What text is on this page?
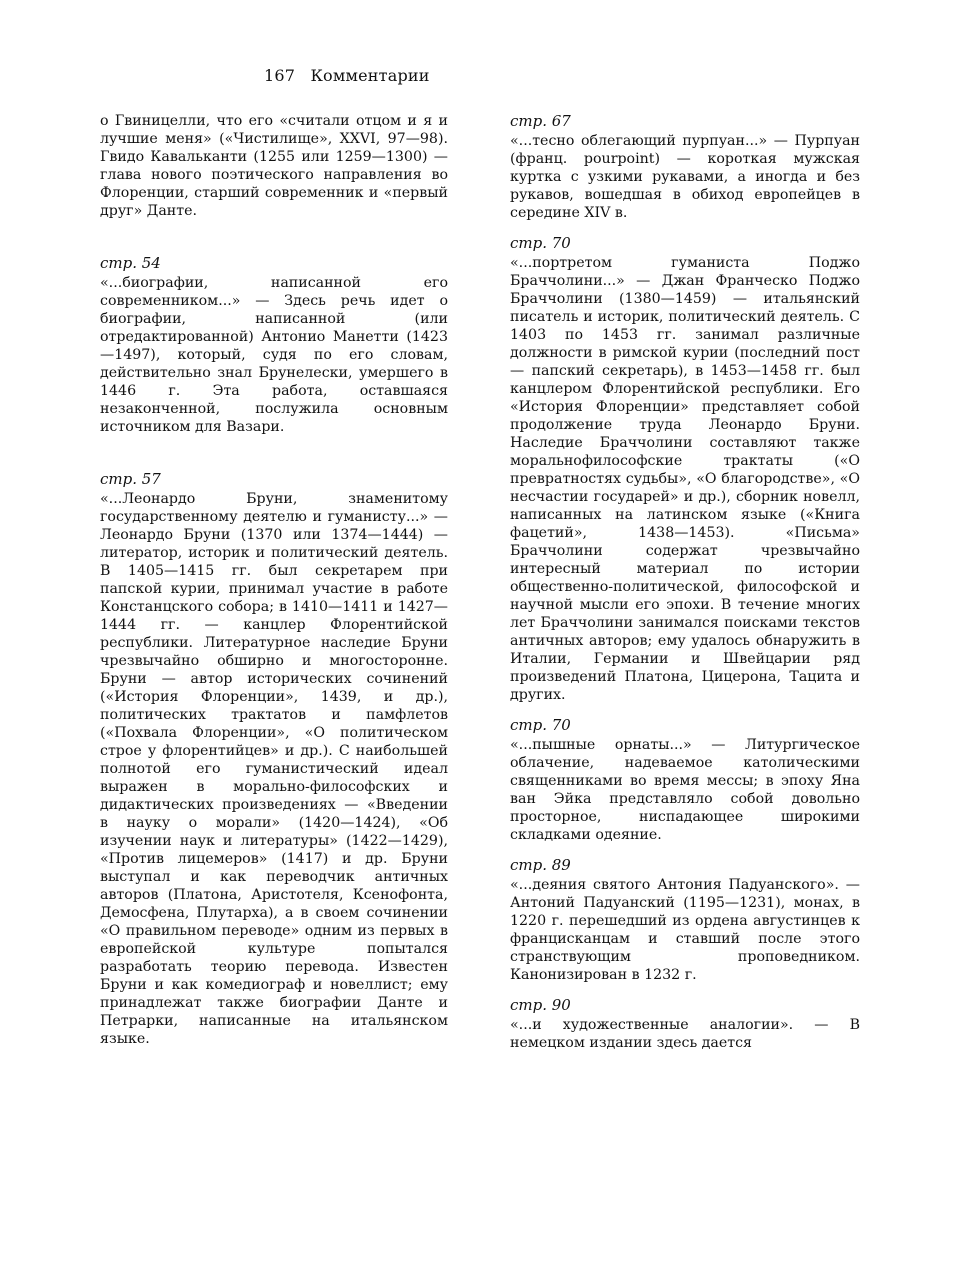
167 Комментарии

о Гвиницелли, что его «считали отцом и я и лучшие меня» («Чистилище», XXVI, 97—98). Гвидо Кавальканти (1255 или 1259—1300) — глава нового поэтического направления во Флоренции, старший современник и «первый друг» Данте.

стр. 54

«...биографии, написанной его современником...» — Здесь речь идет о биографии, написанной (или отредактированной) Антонио Манетти (1423—1497), который, судя по его словам, действительно знал Брунелески, умершего в 1446 г. Эта работа, оставшаяся незаконченной, послужила основным источником для Вазари.

стр. 57

«...Леонардо Бруни, знаменитому государственному деятелю и гуманисту...» — Леонардо Бруни (1370 или 1374—1444) — литератор, историк и политический деятель. В 1405—1415 гг. был секретарем при папской курии, принимал участие в работе Констанцского собора; в 1410—1411 и 1427—1444 гг. — канцлер Флорентийской республики. Литературное наследие Бруни чрезвычайно обширно и многосторонне. Бруни — автор исторических сочинений («История Флоренции», 1439, и др.), политических трактатов и памфлетов («Похвала Флоренции», «О политическом строе у флорентийцев» и др.). С наибольшей полнотой его гуманистический идеал выражен в морально-философских и дидактических произведениях — «Введении в науку о морали» (1420—1424), «Об изучении наук и литературы» (1422—1429), «Против лицемеров» (1417) и др. Бруни выступал и как переводчик античных авторов (Платона, Аристотеля, Ксенофонта, Демосфена, Плутарха), а в своем сочинении «О правильном переводе» одним из первых в европейской культуре попытался разработать теорию перевода. Известен Бруни и как комедиограф и новеллист; ему принадлежат также биографии Данте и Петрарки, написанные на итальянском языке.

стр. 67

«...тесно облегающий пурпуан...» — Пурпуан (франц. pourpoint) — короткая мужская куртка с узкими рукавами, а иногда и без рукавов, вошедшая в обиход европейцев в середине XIV в.

стр. 70

«...портретом гуманиста Поджо Браччолини...» — Джан Франческо Поджо Браччолини (1380—1459) — итальянский писатель и историк, политический деятель. С 1403 по 1453 гг. занимал различные должности в римской курии (последний пост — папский секретарь), в 1453—1458 гг. был канцлером Флорентийской республики. Его «История Флоренции» представляет собой продолжение труда Леонардо Бруни. Наследие Браччолини составляют также моральнофилософские трактаты («О превратностях судьбы», «О благородстве», «О несчастии государей» и др.), сборник новелл, написанных на латинском языке («Книга фацетий», 1438—1453). «Письма» Браччолини содержат чрезвычайно интересный материал по истории общественно-политической, философской и научной мысли его эпохи. В течение многих лет Браччолини занимался поисками текстов античных авторов; ему удалось обнаружить в Италии, Германии и Швейцарии ряд произведений Платона, Цицерона, Тацита и других.

стр. 70

«...пышные орнаты...» — Литургическое облачение, надеваемое католическими священниками во время мессы; в эпоху Яна ван Эйка представляло собой довольно просторное, ниспадающее широкими складками одеяние.

стр. 89

«...деяния святого Антония Падуанского». — Антоний Падуанский (1195—1231), монах, в 1220 г. перешедший из ордена августинцев к францисканцам и ставший после этого странствующим проповедником. Канонизирован в 1232 г.

стр. 90

«...и художественные аналогии». — В немецком издании здесь дается
